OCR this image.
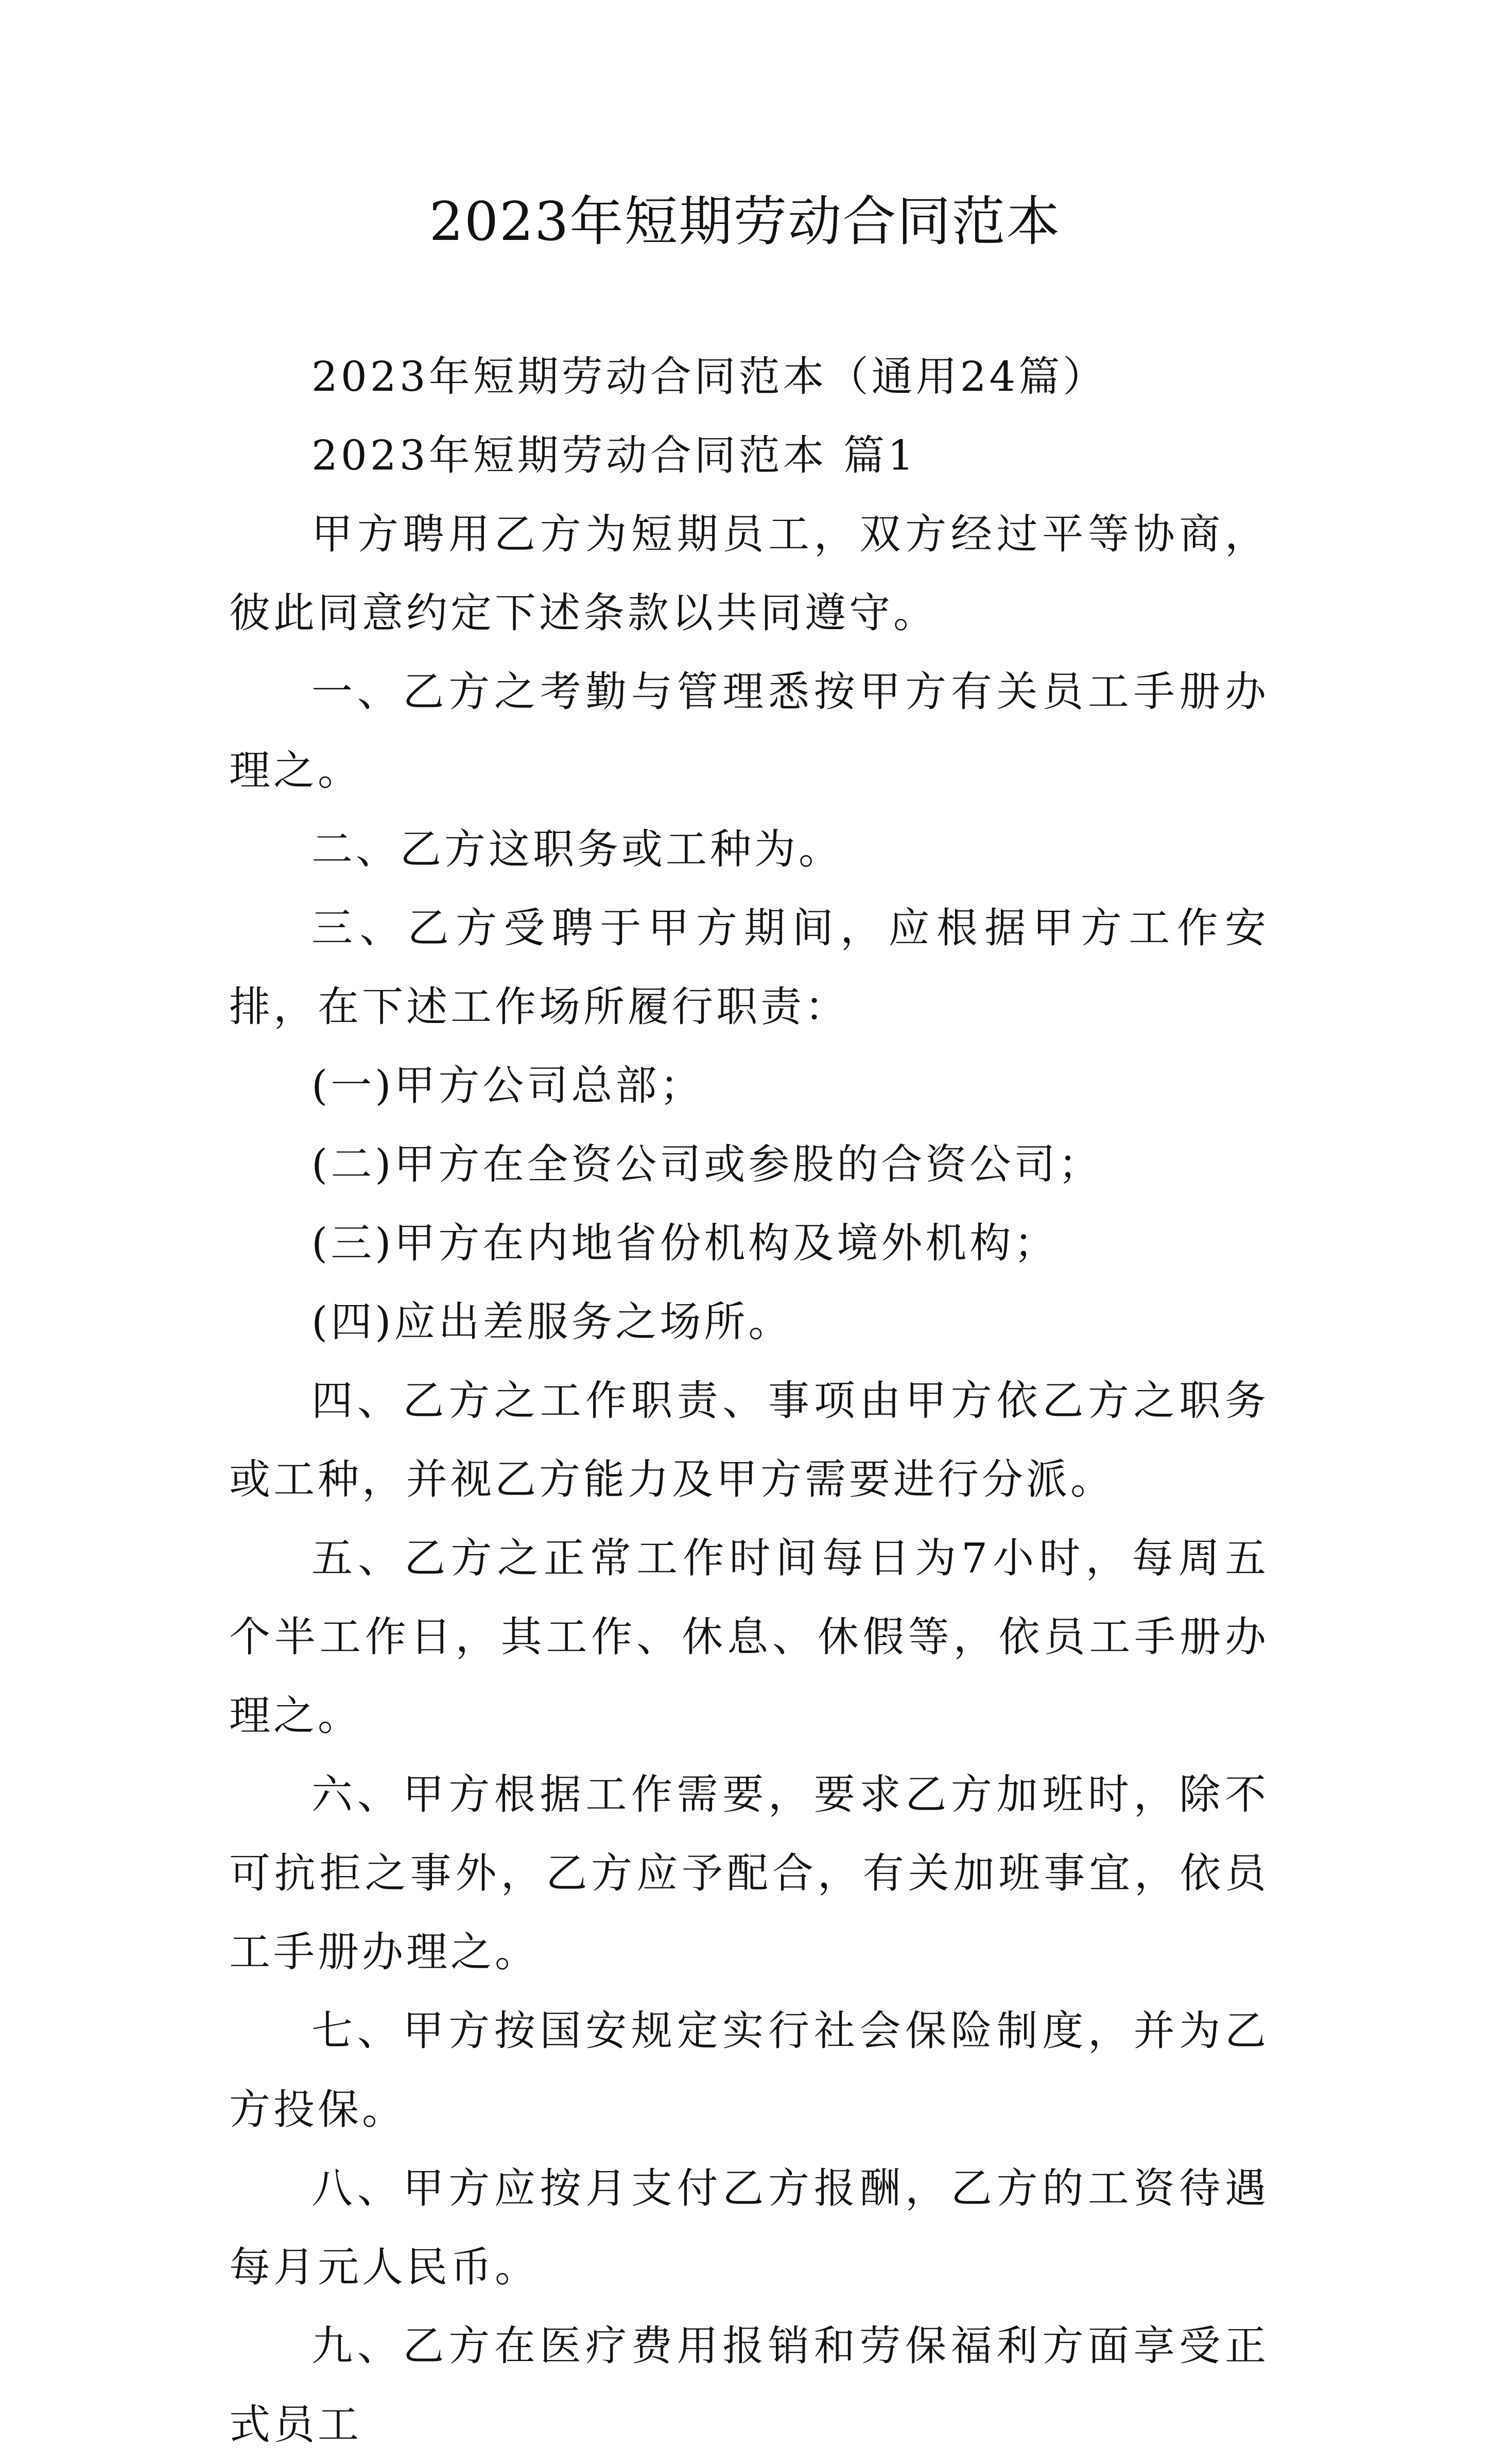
2023年短期劳动合同范本

2023年短期劳动合同范本（通用24篇）

2023年短期劳动合同范本 篇1

甲方聘用乙方为短期员工，双方经过平等协商，彼此同意约定下述条款以共同遵守。

一、乙方之考勤与管理悉按甲方有关员工手册办理之。

二、乙方这职务或工种为。

三、乙方受聘于甲方期间，应根据甲方工作安排，在下述工作场所履行职责：

(一)甲方公司总部；

(二)甲方在全资公司或参股的合资公司；

(三)甲方在内地省份机构及境外机构；

(四)应出差服务之场所。

四、乙方之工作职责、事项由甲方依乙方之职务或工种，并视乙方能力及甲方需要进行分派。

五、乙方之正常工作时间每日为7小时，每周五个半工作日，其工作、休息、休假等，依员工手册办理之。

六、甲方根据工作需要，要求乙方加班时，除不可抗拒之事外，乙方应予配合，有关加班事宜，依员工手册办理之。

七、甲方按国安规定实行社会保险制度，并为乙方投保。

八、甲方应按月支付乙方报酬，乙方的工资待遇每月元人民币。

九、乙方在医疗费用报销和劳保福利方面享受正式员工
